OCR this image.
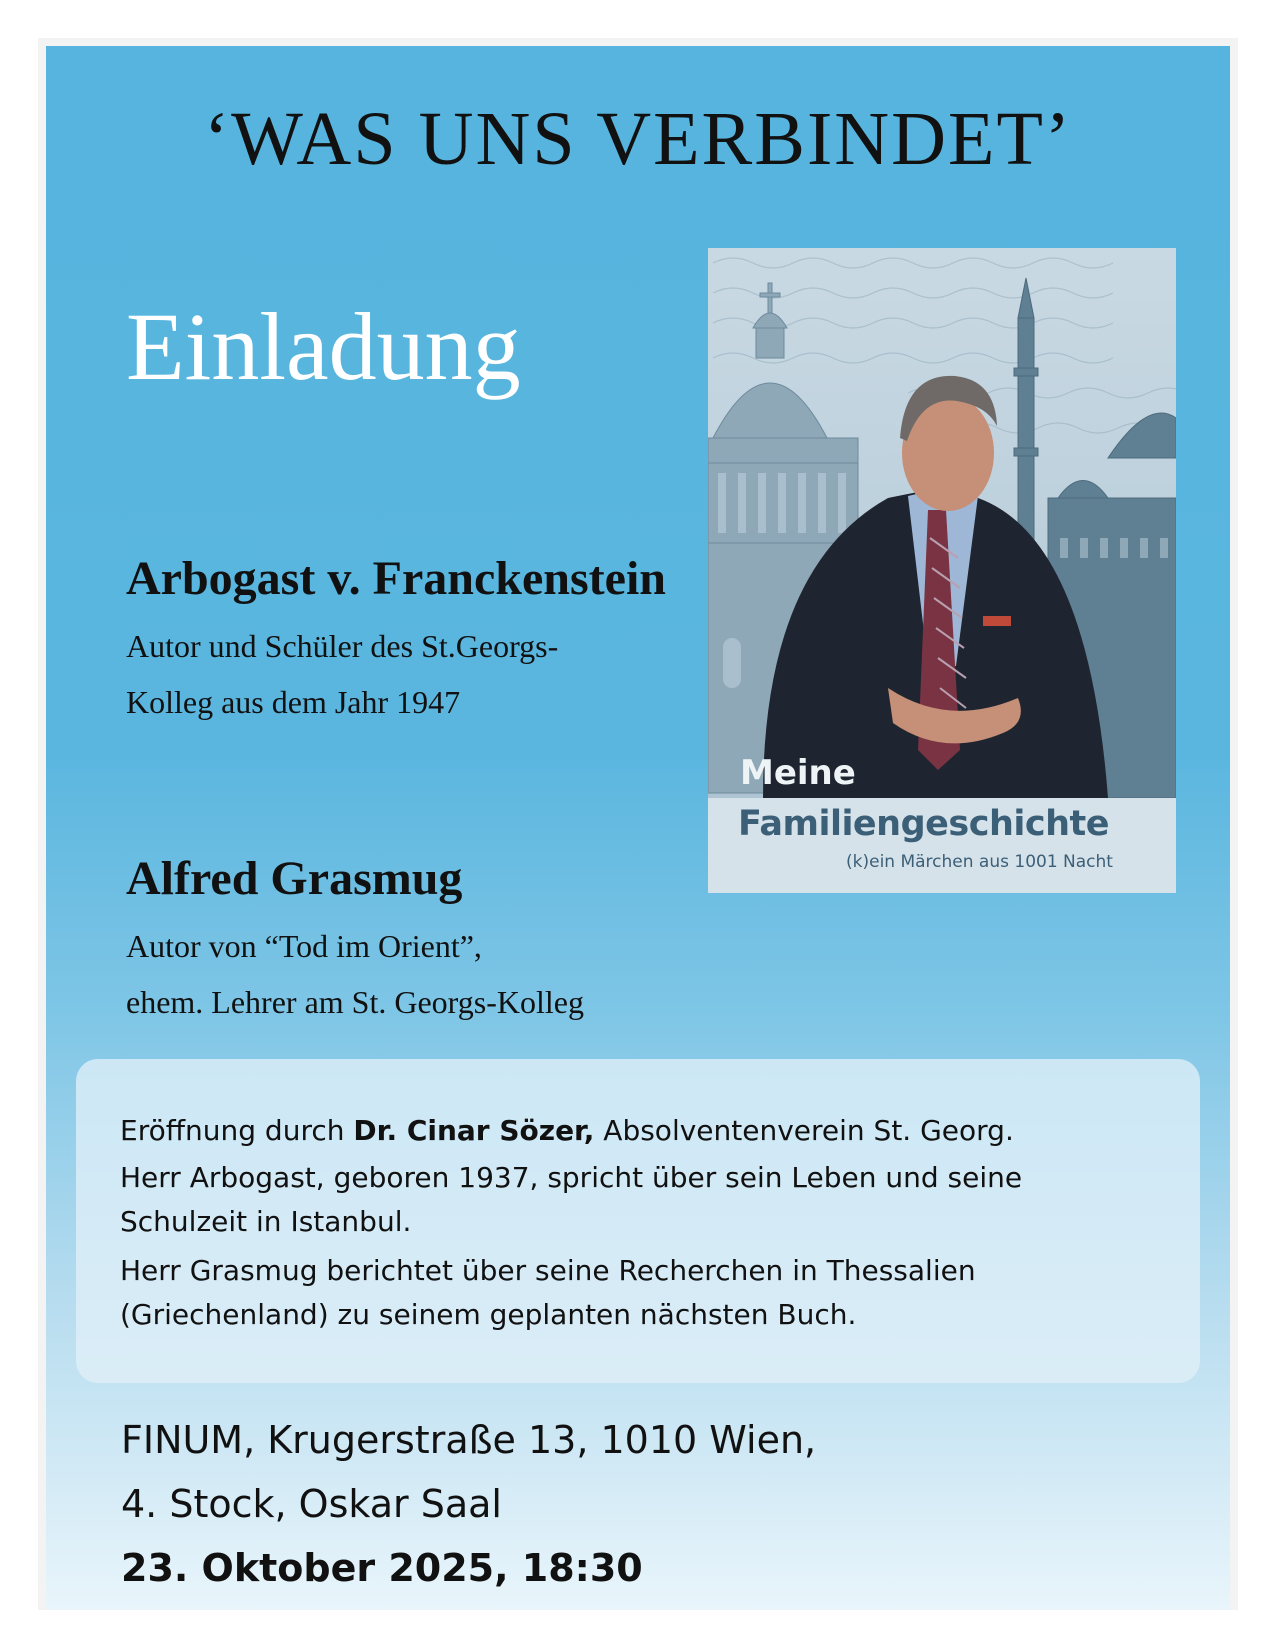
‘WAS UNS VERBINDET’
Einladung
Arbogast v. Franckenstein
Autor und Schüler des St.Georgs-
Kolleg aus dem Jahr 1947
Alfred Grasmug
Autor von “Tod im Orient”,
ehem. Lehrer am St. Georgs-Kolleg
Meine
Familiengeschichte
(k)ein Märchen aus 1001 Nacht

Eröffnung durch Dr. Cinar Sözer, Absolventenverein St. Georg.

Herr Arbogast, geboren 1937, spricht über sein Leben und seine Schulzeit in Istanbul.

Herr Grasmug berichtet über seine Recherchen in Thessalien (Griechenland) zu seinem geplanten nächsten Buch.

FINUM, Krugerstraße 13, 1010 Wien,

4. Stock, Oskar Saal

23. Oktober 2025, 18:30
